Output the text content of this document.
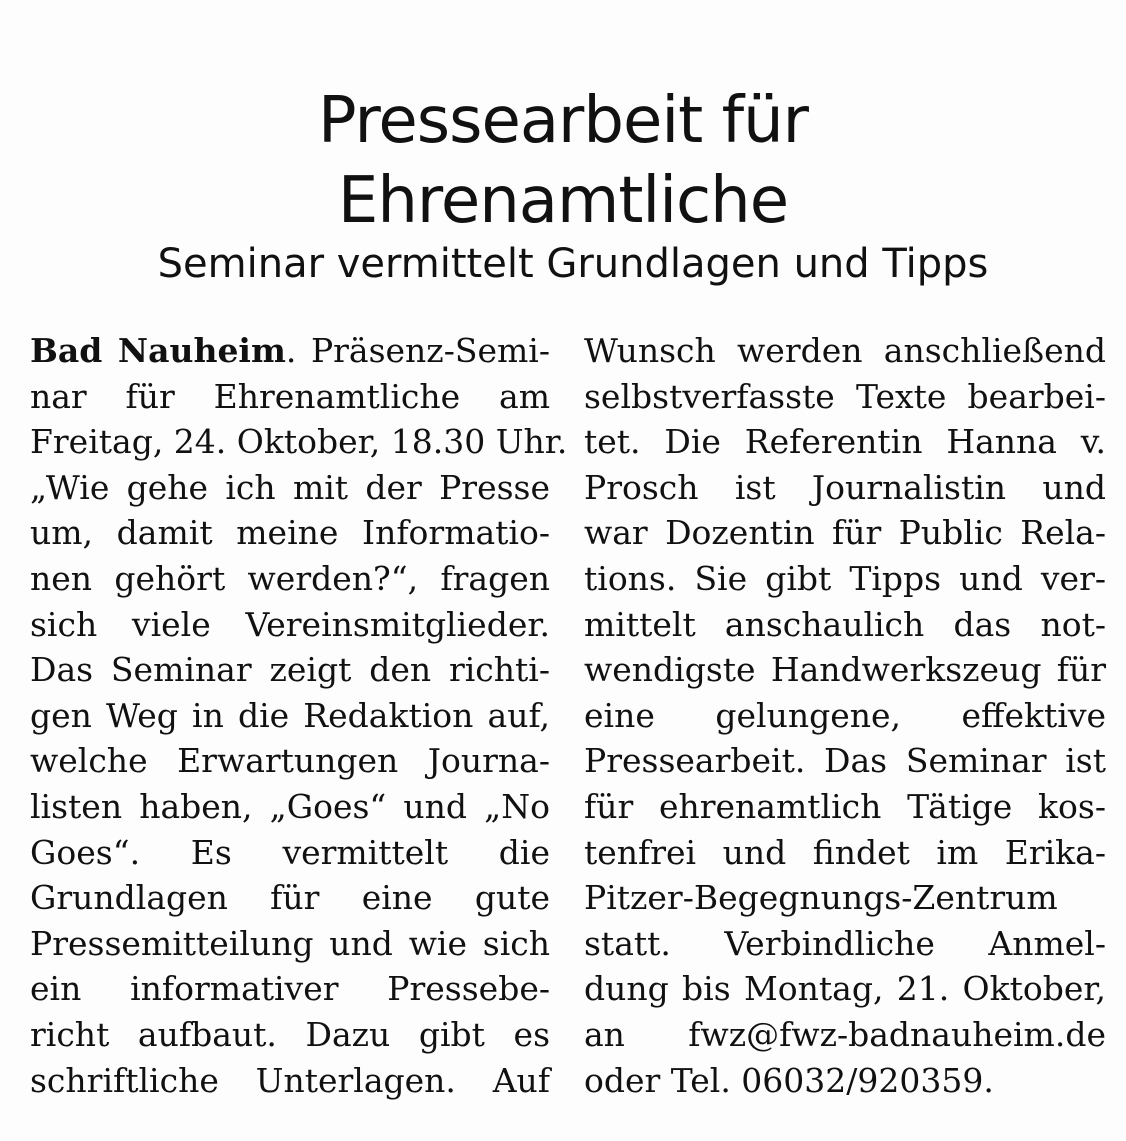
Pressearbeit für
Ehrenamtliche
Seminar vermittelt Grundlagen und Tipps
Bad Nauheim. Präsenz-Semi-
nar für Ehrenamtliche am
Freitag, 24. Oktober, 18.30 Uhr.
„Wie gehe ich mit der Presse
um, damit meine Informatio-
nen gehört werden?“, fragen
sich viele Vereinsmitglieder.
Das Seminar zeigt den richti-
gen Weg in die Redaktion auf,
welche Erwartungen Journa-
listen haben, „Goes“ und „No
Goes“. Es vermittelt die
Grundlagen für eine gute
Pressemitteilung und wie sich
ein informativer Pressebe-
richt aufbaut. Dazu gibt es
schriftliche Unterlagen. Auf
Wunsch werden anschließend
selbstverfasste Texte bearbei-
tet. Die Referentin Hanna v.
Prosch ist Journalistin und
war Dozentin für Public Rela-
tions. Sie gibt Tipps und ver-
mittelt anschaulich das not-
wendigste Handwerkszeug für
eine gelungene, effektive
Pressearbeit. Das Seminar ist
für ehrenamtlich Tätige kos-
tenfrei und findet im Erika-
Pitzer-Begegnungs-Zentrum
statt. Verbindliche Anmel-
dung bis Montag, 21. Oktober,
an fwz@fwz-badnauheim.de
oder Tel. 06032/920359.
